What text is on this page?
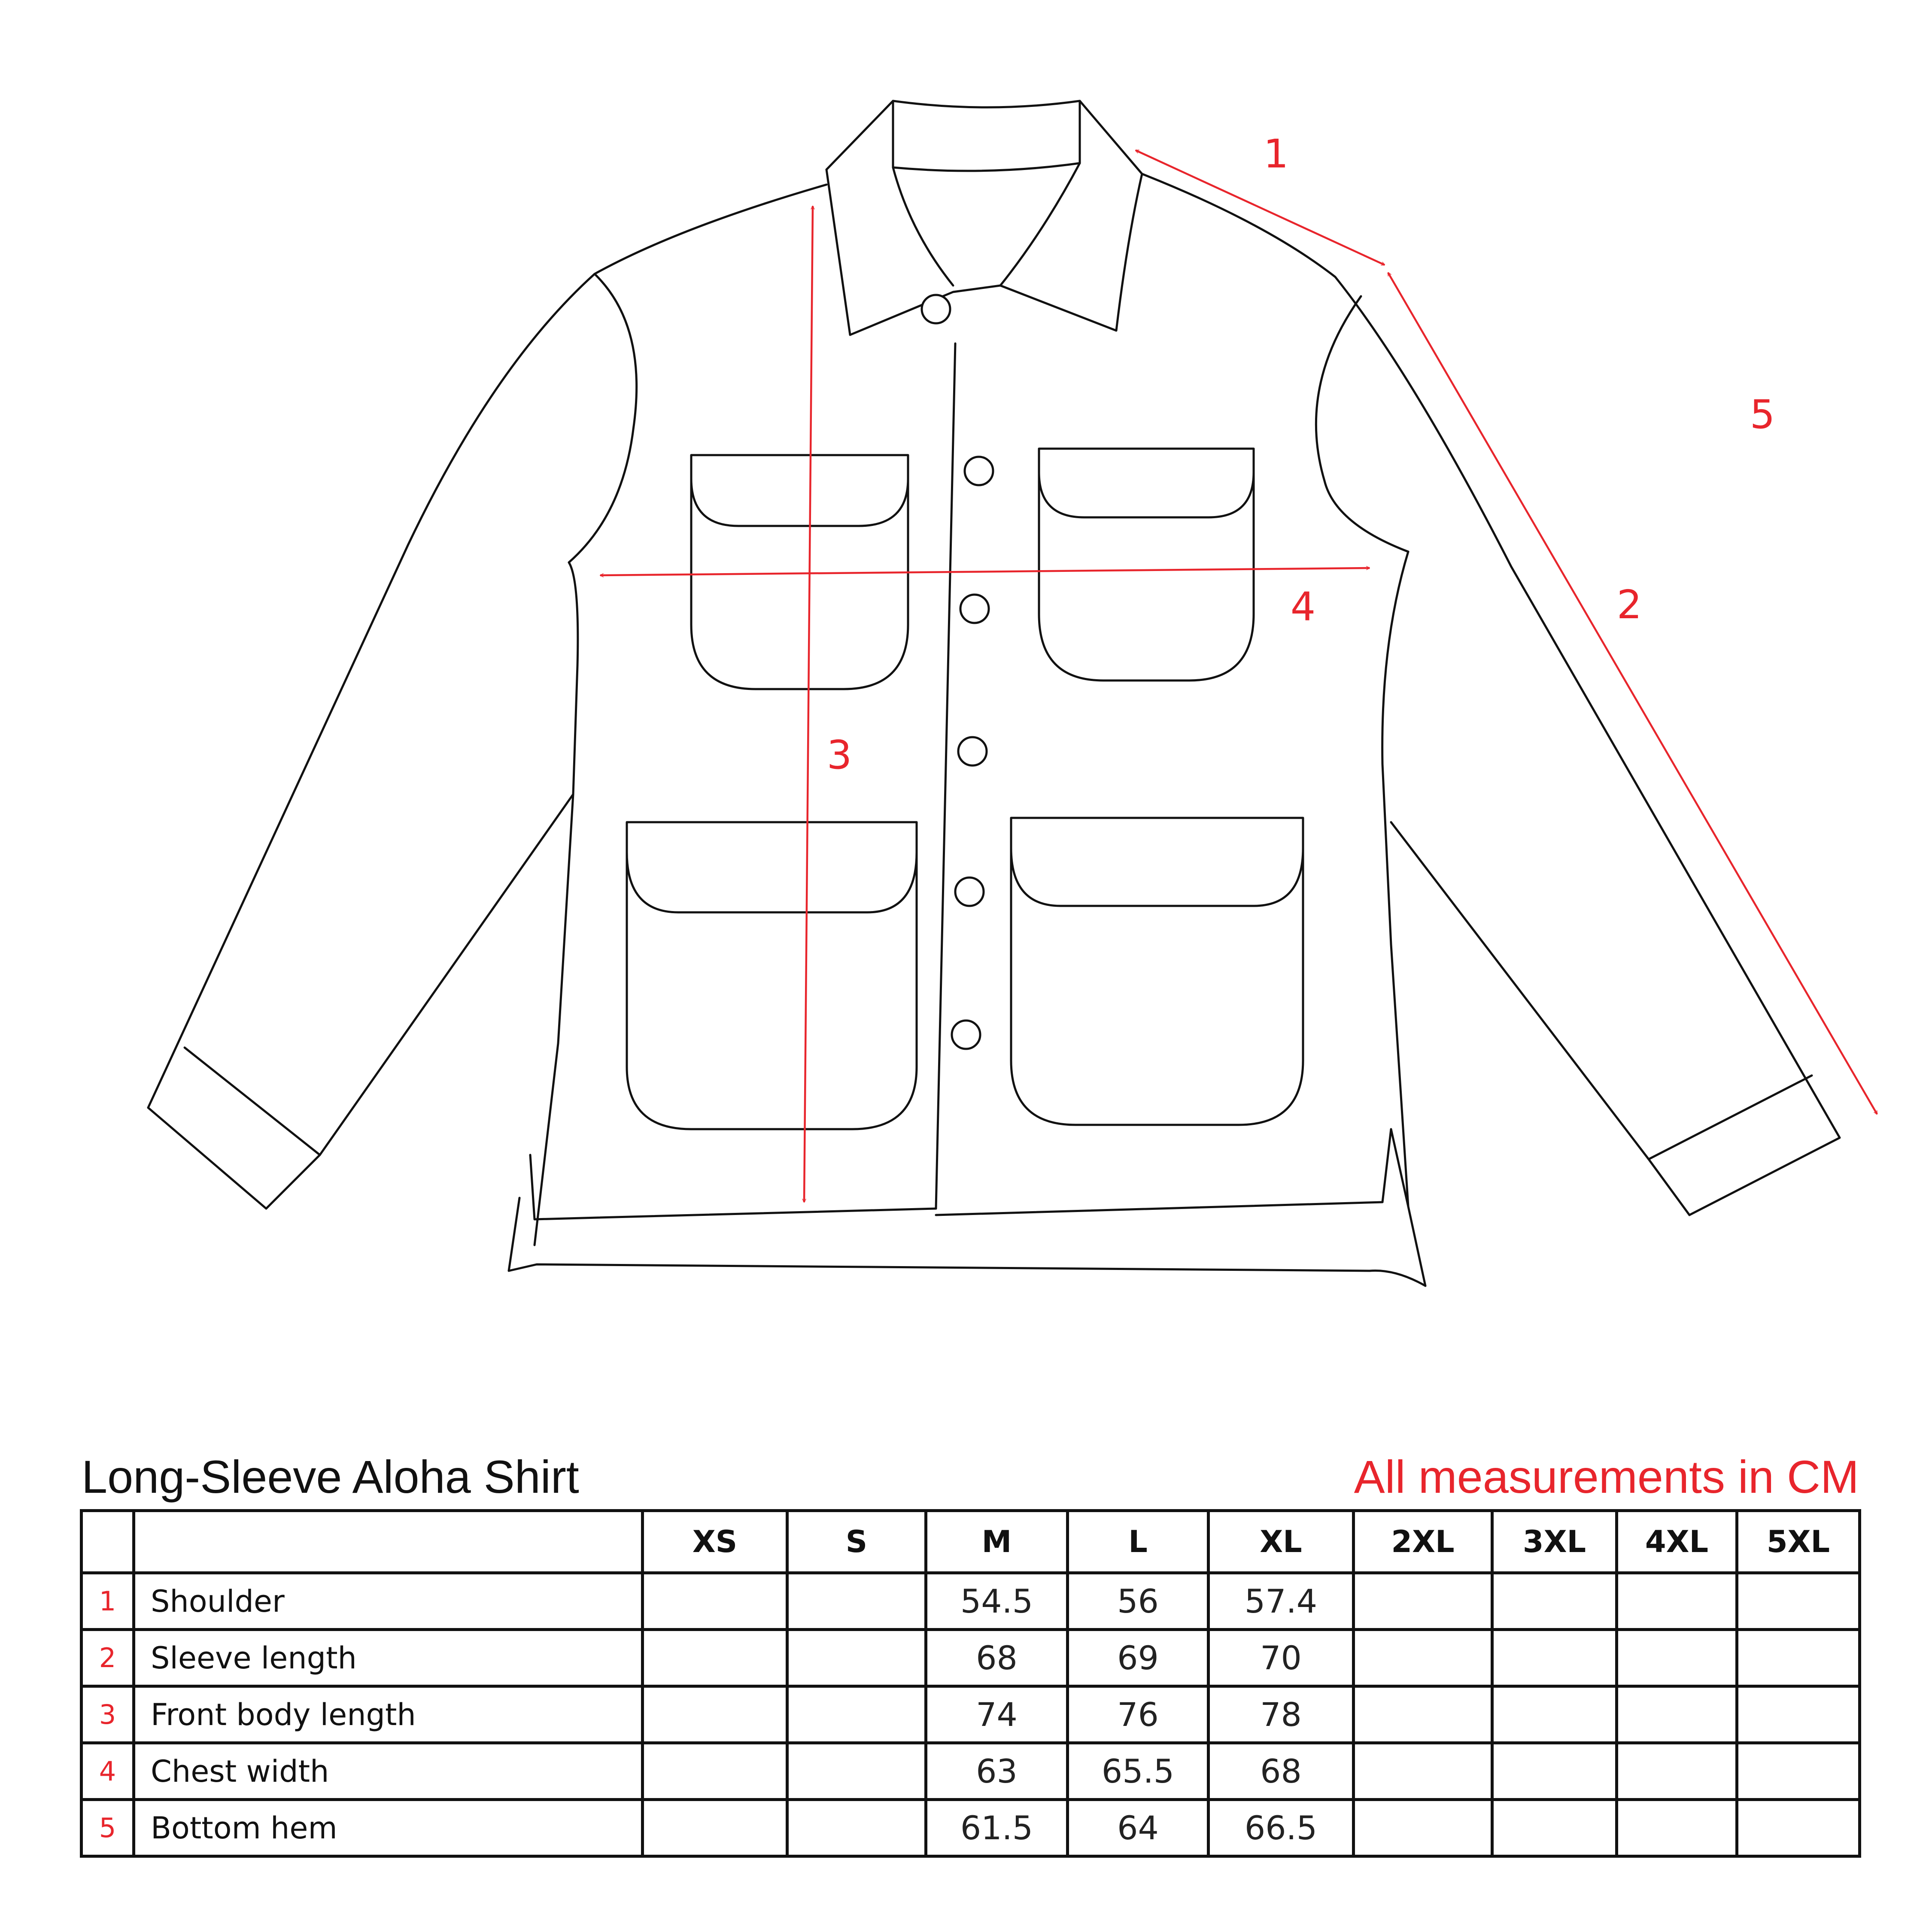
1
2
3
4
5
Long-Sleeve Aloha Shirt	All measurements in CM
		XS	S	M	L	XL	2XL	3XL	4XL	5XL
1	Shoulder			54.5	56	57.4				
2	Sleeve length			68	69	70				
3	Front body length			74	76	78				
4	Chest width			63	65.5	68				
5	Bottom hem			61.5	64	66.5				
